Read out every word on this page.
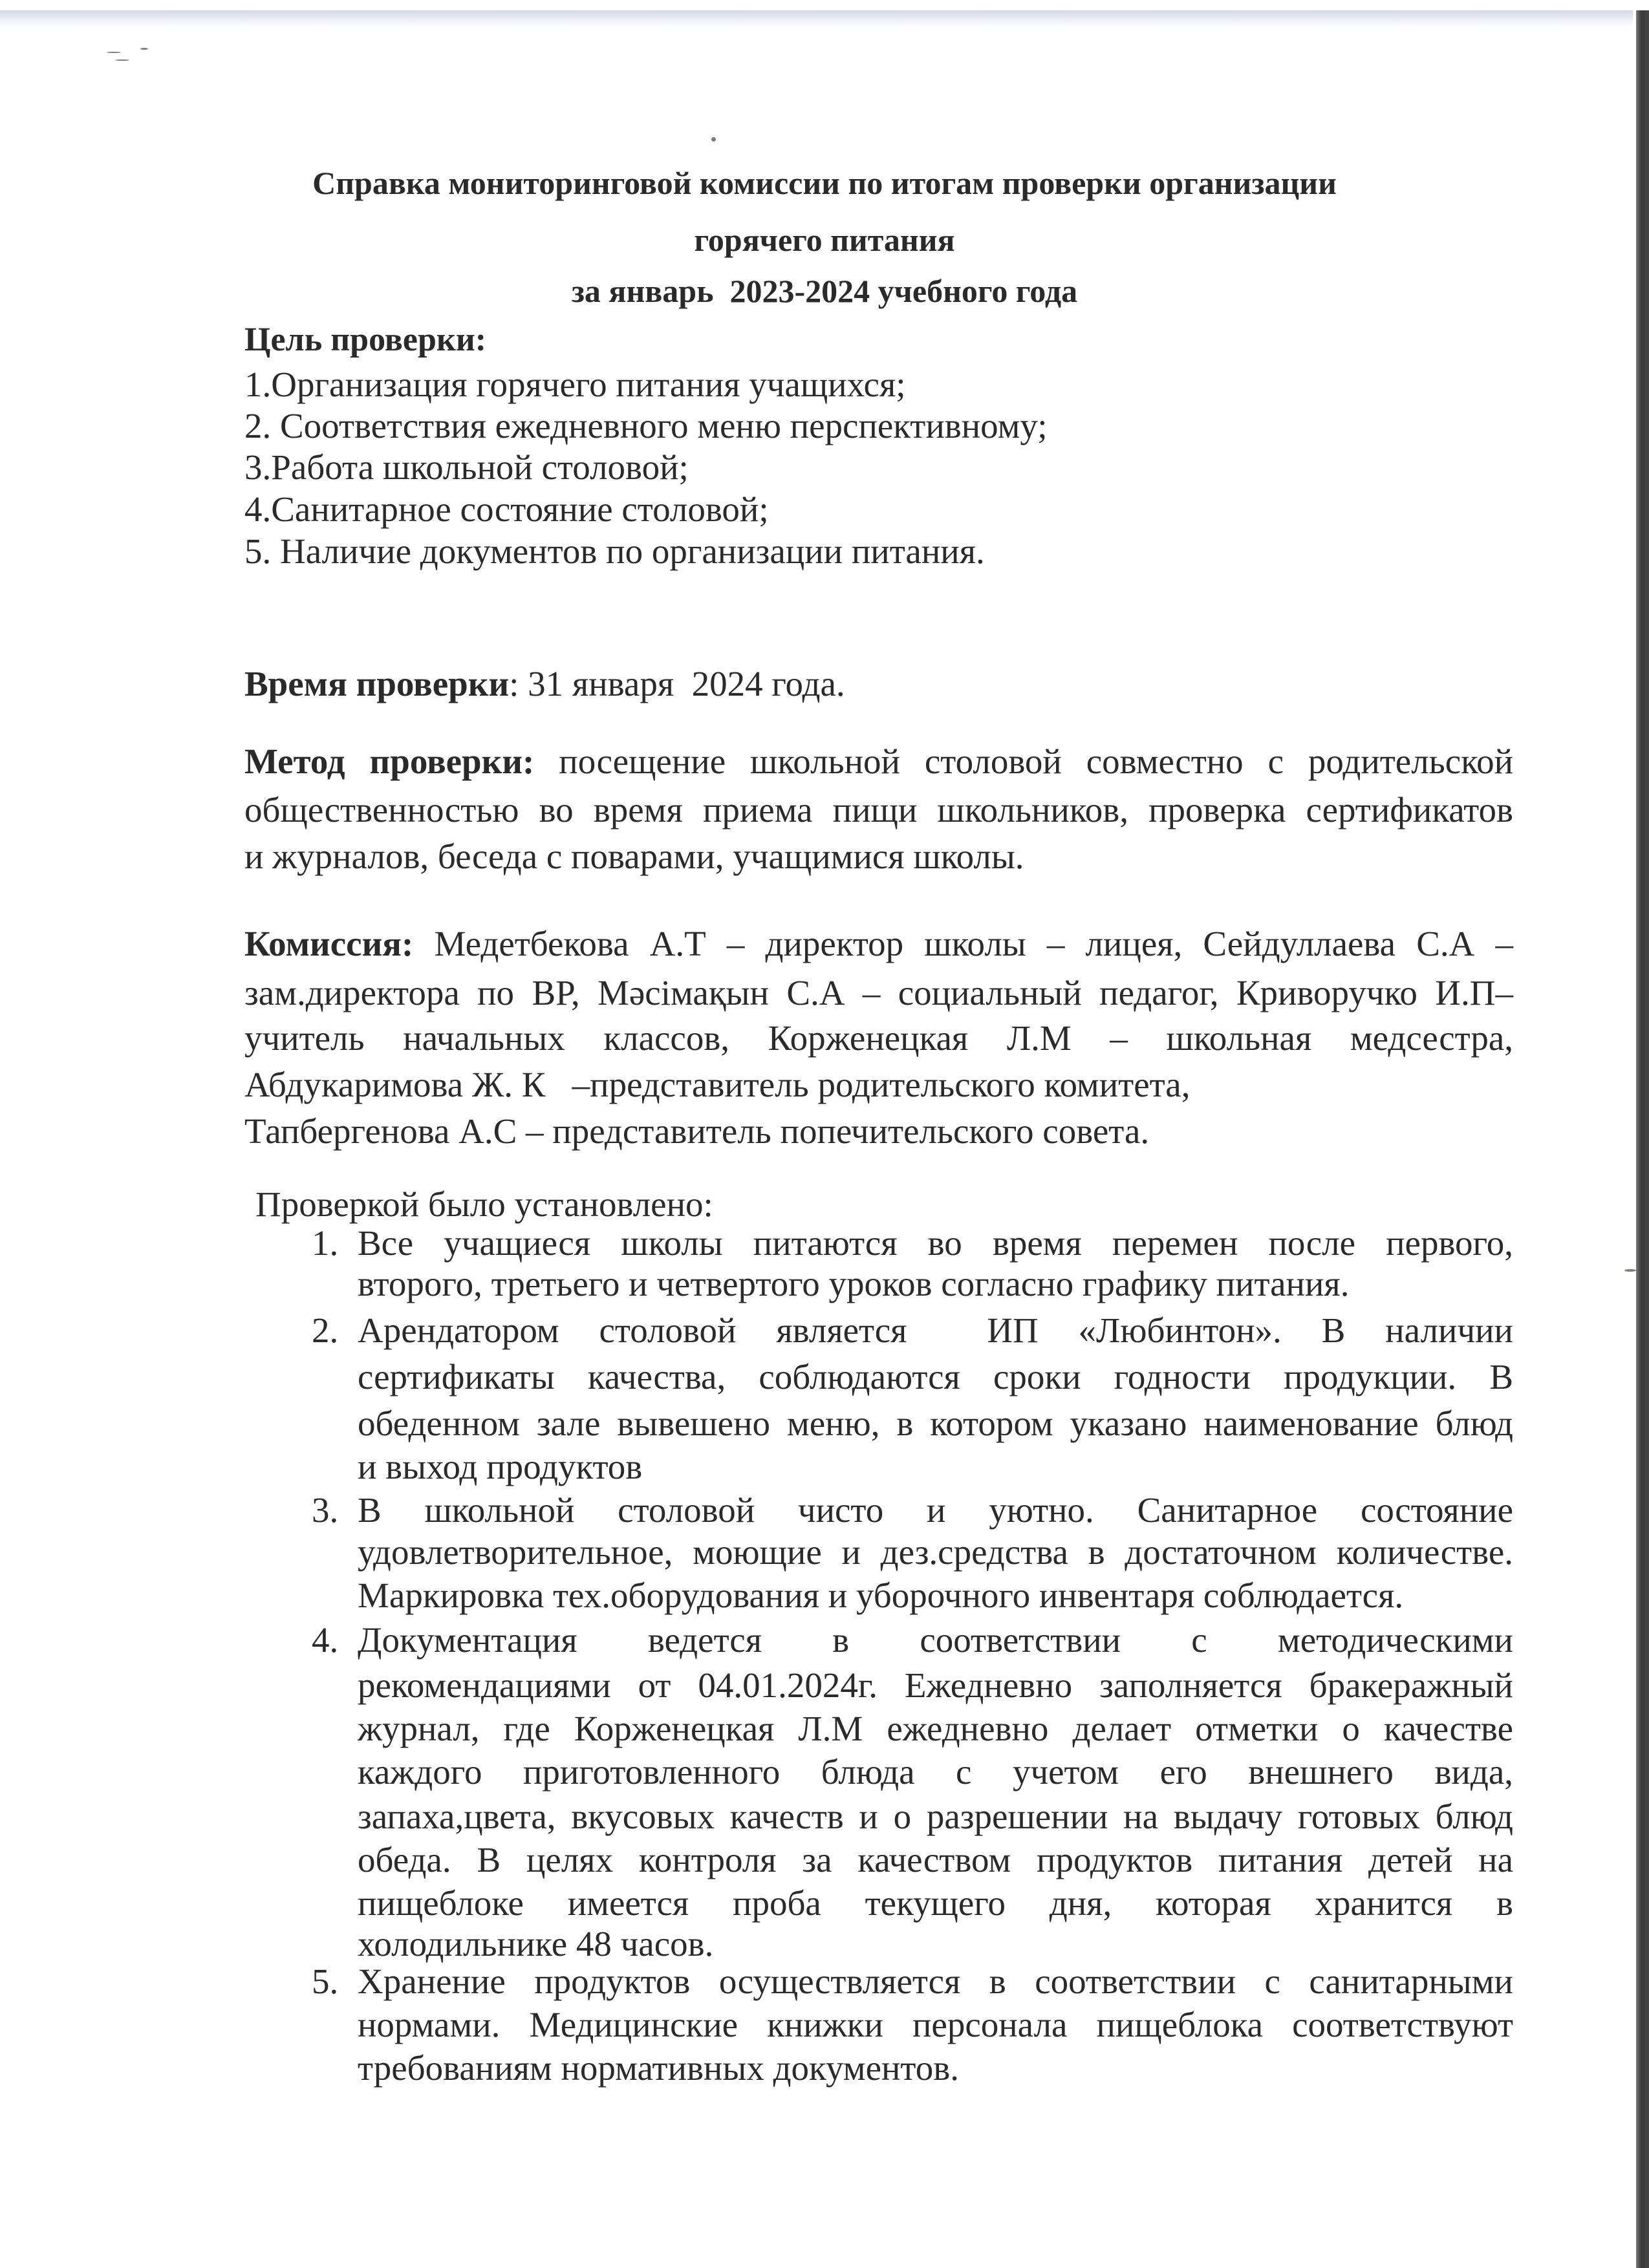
Справка мониторинговой комиссии по итогам проверки организации
горячего питания
за январь  2023-2024 учебного года
Цель проверки:
1.Организация горячего питания учащихся;
2. Соответствия ежедневного меню перспективному;
3.Работа школьной столовой;
4.Санитарное состояние столовой;
5. Наличие документов по организации питания.
Время проверки: 31 января  2024 года.
Метод проверки: посещение школьной столовой совместно с родительской
общественностью во время приема пищи школьников, проверка сертификатов
и журналов, беседа с поварами, учащимися школы.
Комиссия: Медетбекова А.Т – директор школы – лицея, Сейдуллаева С.А –
зам.директора по ВР, Мәсімақын С.А – социальный педагог, Криворучко И.П–
учитель начальных классов, Корженецкая Л.М – школьная медсестра,
Абдукаримова Ж. К   –представитель родительского комитета,
Тапбергенова А.С – представитель попечительского совета.
Проверкой было установлено:
1. Все учащиеся школы питаются во время перемен после первого,
второго, третьего и четвертого уроков согласно графику питания.
2. Арендатором столовой является  ИП «Любинтон». В наличии
сертификаты качества, соблюдаются сроки годности продукции. В
обеденном зале вывешено меню, в котором указано наименование блюд
и выход продуктов
3. В школьной столовой чисто и уютно. Санитарное состояние
удовлетворительное, моющие и дез.средства в достаточном количестве.
Маркировка тех.оборудования и уборочного инвентаря соблюдается.
4. Документация ведется в соответствии с методическими
рекомендациями от 04.01.2024г. Ежедневно заполняется бракеражный
журнал, где Корженецкая Л.М ежедневно делает отметки о качестве
каждого приготовленного блюда с учетом его внешнего вида,
запаха,цвета, вкусовых качеств и о разрешении на выдачу готовых блюд
обеда. В целях контроля за качеством продуктов питания детей на
пищеблоке имеется проба текущего дня, которая хранится в
холодильнике 48 часов.
5. Хранение продуктов осуществляется в соответствии с санитарными
нормами. Медицинские книжки персонала пищеблока соответствуют
требованиям нормативных документов.
